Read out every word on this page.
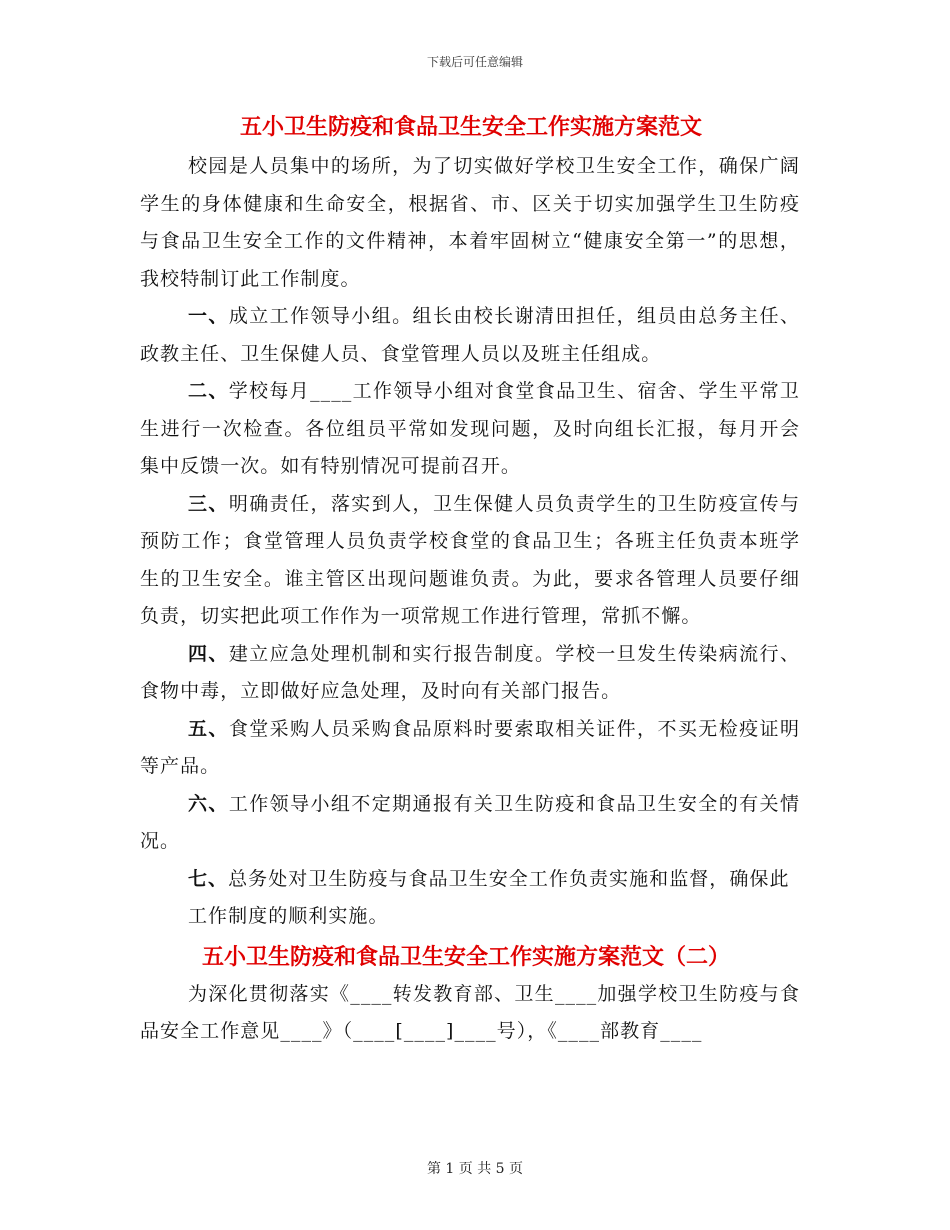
下载后可任意编辑
五小卫生防疫和食品卫生安全工作实施方案范文

校园是人员集中的场所，为了切实做好学校卫生安全工作，确保广阔学生的身体健康和生命安全，根据省、市、区关于切实加强学生卫生防疫与食品卫生安全工作的文件精神，本着牢固树立“健康安全第一”的思想，我校特制订此工作制度。

一、成立工作领导小组。组长由校长谢清田担任，组员由总务主任、政教主任、卫生保健人员、食堂管理人员以及班主任组成。

二、学校每月____工作领导小组对食堂食品卫生、宿舍、学生平常卫生进行一次检查。各位组员平常如发现问题，及时向组长汇报，每月开会集中反馈一次。如有特别情况可提前召开。

三、明确责任，落实到人，卫生保健人员负责学生的卫生防疫宣传与预防工作；食堂管理人员负责学校食堂的食品卫生；各班主任负责本班学生的卫生安全。谁主管区出现问题谁负责。为此，要求各管理人员要仔细负责，切实把此项工作作为一项常规工作进行管理，常抓不懈。

四、建立应急处理机制和实行报告制度。学校一旦发生传染病流行、食物中毒，立即做好应急处理，及时向有关部门报告。

五、食堂采购人员采购食品原料时要索取相关证件，不买无检疫证明等产品。

六、工作领导小组不定期通报有关卫生防疫和食品卫生安全的有关情况。

七、总务处对卫生防疫与食品卫生安全工作负责实施和监督，确保此

工作制度的顺利实施。

五小卫生防疫和食品卫生安全工作实施方案范文（二）

为深化贯彻落实《____转发教育部、卫生____加强学校卫生防疫与食品安全工作意见____》（____[____]____号），《____部教育____

第 1 页 共 5 页
